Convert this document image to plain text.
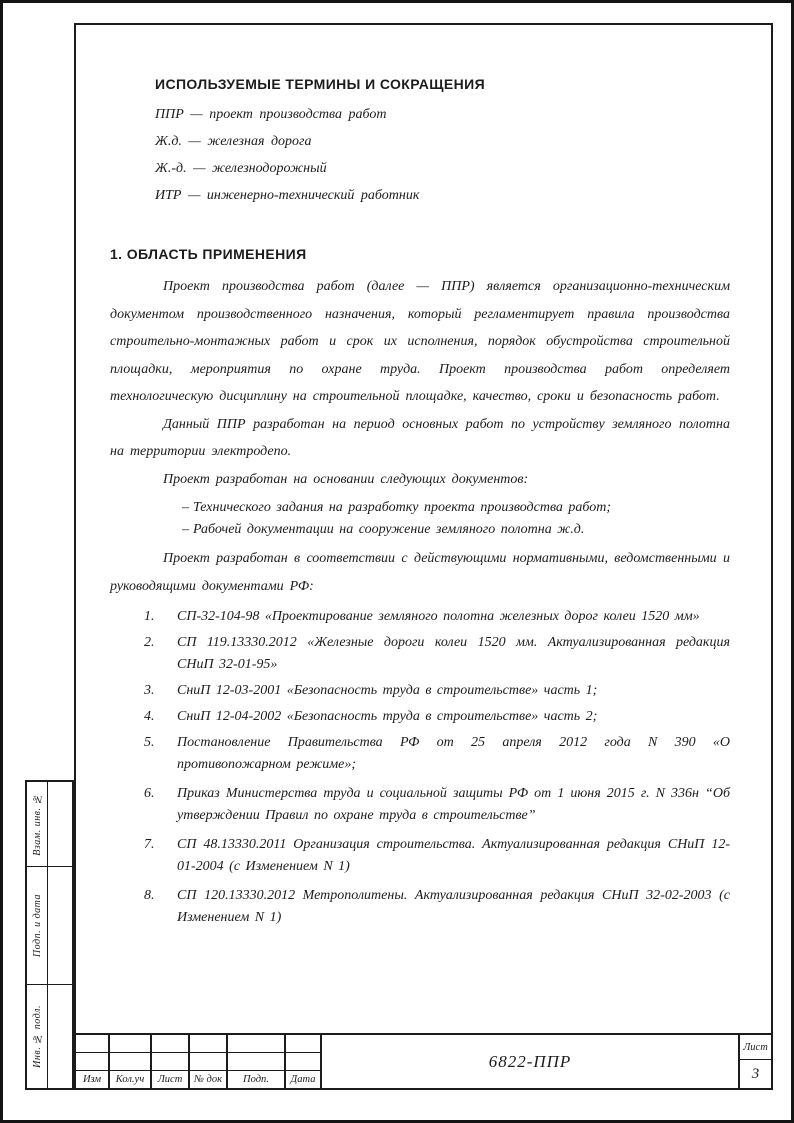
ИСПОЛЬЗУЕМЫЕ ТЕРМИНЫ И СОКРАЩЕНИЯ

ППР — проект производства работ

Ж.д. — железная дорога

Ж.-д. — железнодорожный

ИТР — инженерно-технический работник

1. ОБЛАСТЬ ПРИМЕНЕНИЯ

Проект производства работ (далее — ППР) является организационно-техническим документом производственного назначения, который регламентирует правила производства строительно-монтажных работ и срок их исполнения, порядок обустройства строительной площадки, мероприятия по охране труда. Проект производства работ определяет технологическую дисциплину на строительной площадке, качество, сроки и безопасность работ.

Данный ППР разработан на период основных работ по устройству земляного полотна на территории электродепо.

Проект разработан на основании следующих документов:

– Технического задания на разработку проекта производства работ;
– Рабочей документации на сооружение земляного полотна ж.д.

Проект разработан в соответствии с действующими нормативными, ведомственными и руководящими документами РФ:

СП-32-104-98 «Проектирование земляного полотна железных дорог колеи 1520 мм»
СП 119.13330.2012 «Железные дороги колеи 1520 мм. Актуализированная редакция СНиП 32-01-95»
СниП 12-03-2001 «Безопасность труда в строительстве» часть 1;
СниП 12-04-2002 «Безопасность труда в строительстве» часть 2;
Постановление Правительства РФ от 25 апреля 2012 года N 390 «О противопожарном режиме»;
Приказ Министерства труда и социальной защиты РФ от 1 июня 2015 г. N 336н “Об утверждении Правил по охране труда в строительстве”
СП 48.13330.2011 Организация строительства. Актуализированная редакция СНиП 12-01-2004 (с Изменением N 1)
СП 120.13330.2012 Метрополитены. Актуализированная редакция СНиП 32-02-2003 (с Изменением N 1)
Изм	Кол.уч	Лист	№ док	Подп.	Дата
6822-ППР
Лист
3
Взам. инв. №
Подп. и дата
Инв. № подл.
